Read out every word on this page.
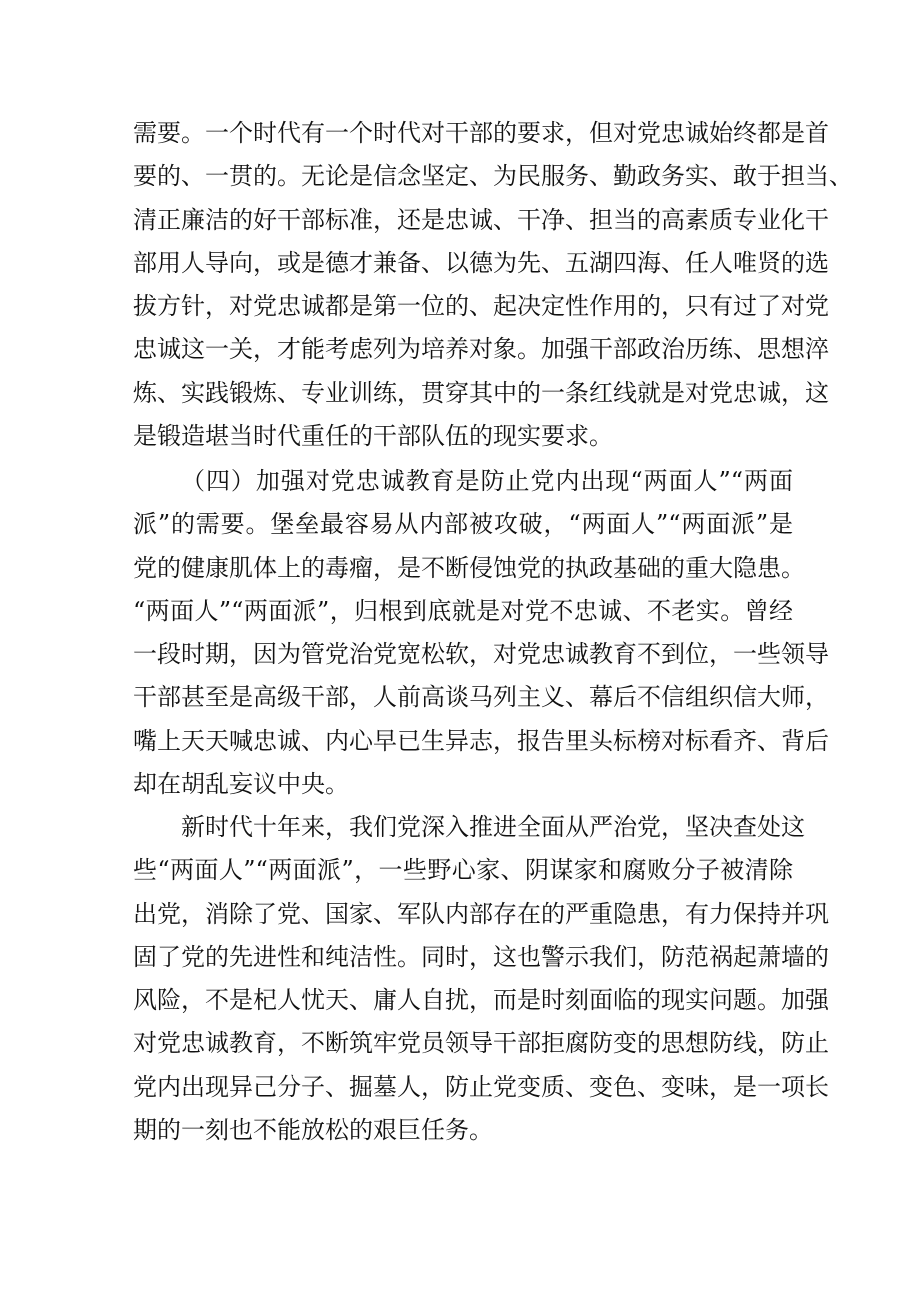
需要。一个时代有一个时代对干部的要求，但对党忠诚始终都是首
要的、一贯的。无论是信念坚定、为民服务、勤政务实、敢于担当、
清正廉洁的好干部标准，还是忠诚、干净、担当的高素质专业化干
部用人导向，或是德才兼备、以德为先、五湖四海、任人唯贤的选
拔方针，对党忠诚都是第一位的、起决定性作用的，只有过了对党
忠诚这一关，才能考虑列为培养对象。加强干部政治历练、思想淬
炼、实践锻炼、专业训练，贯穿其中的一条红线就是对党忠诚，这
是锻造堪当时代重任的干部队伍的现实要求。
（四）加强对党忠诚教育是防止党内出现“两面人”“两面
派”的需要。堡垒最容易从内部被攻破，“两面人”“两面派”是
党的健康肌体上的毒瘤，是不断侵蚀党的执政基础的重大隐患。
“两面人”“两面派”，归根到底就是对党不忠诚、不老实。曾经
一段时期，因为管党治党宽松软，对党忠诚教育不到位，一些领导
干部甚至是高级干部，人前高谈马列主义、幕后不信组织信大师，
嘴上天天喊忠诚、内心早已生异志，报告里头标榜对标看齐、背后
却在胡乱妄议中央。
新时代十年来，我们党深入推进全面从严治党，坚决查处这
些“两面人”“两面派”，一些野心家、阴谋家和腐败分子被清除
出党，消除了党、国家、军队内部存在的严重隐患，有力保持并巩
固了党的先进性和纯洁性。同时，这也警示我们，防范祸起萧墙的
风险，不是杞人忧天、庸人自扰，而是时刻面临的现实问题。加强
对党忠诚教育，不断筑牢党员领导干部拒腐防变的思想防线，防止
党内出现异己分子、掘墓人，防止党变质、变色、变味，是一项长
期的一刻也不能放松的艰巨任务。
